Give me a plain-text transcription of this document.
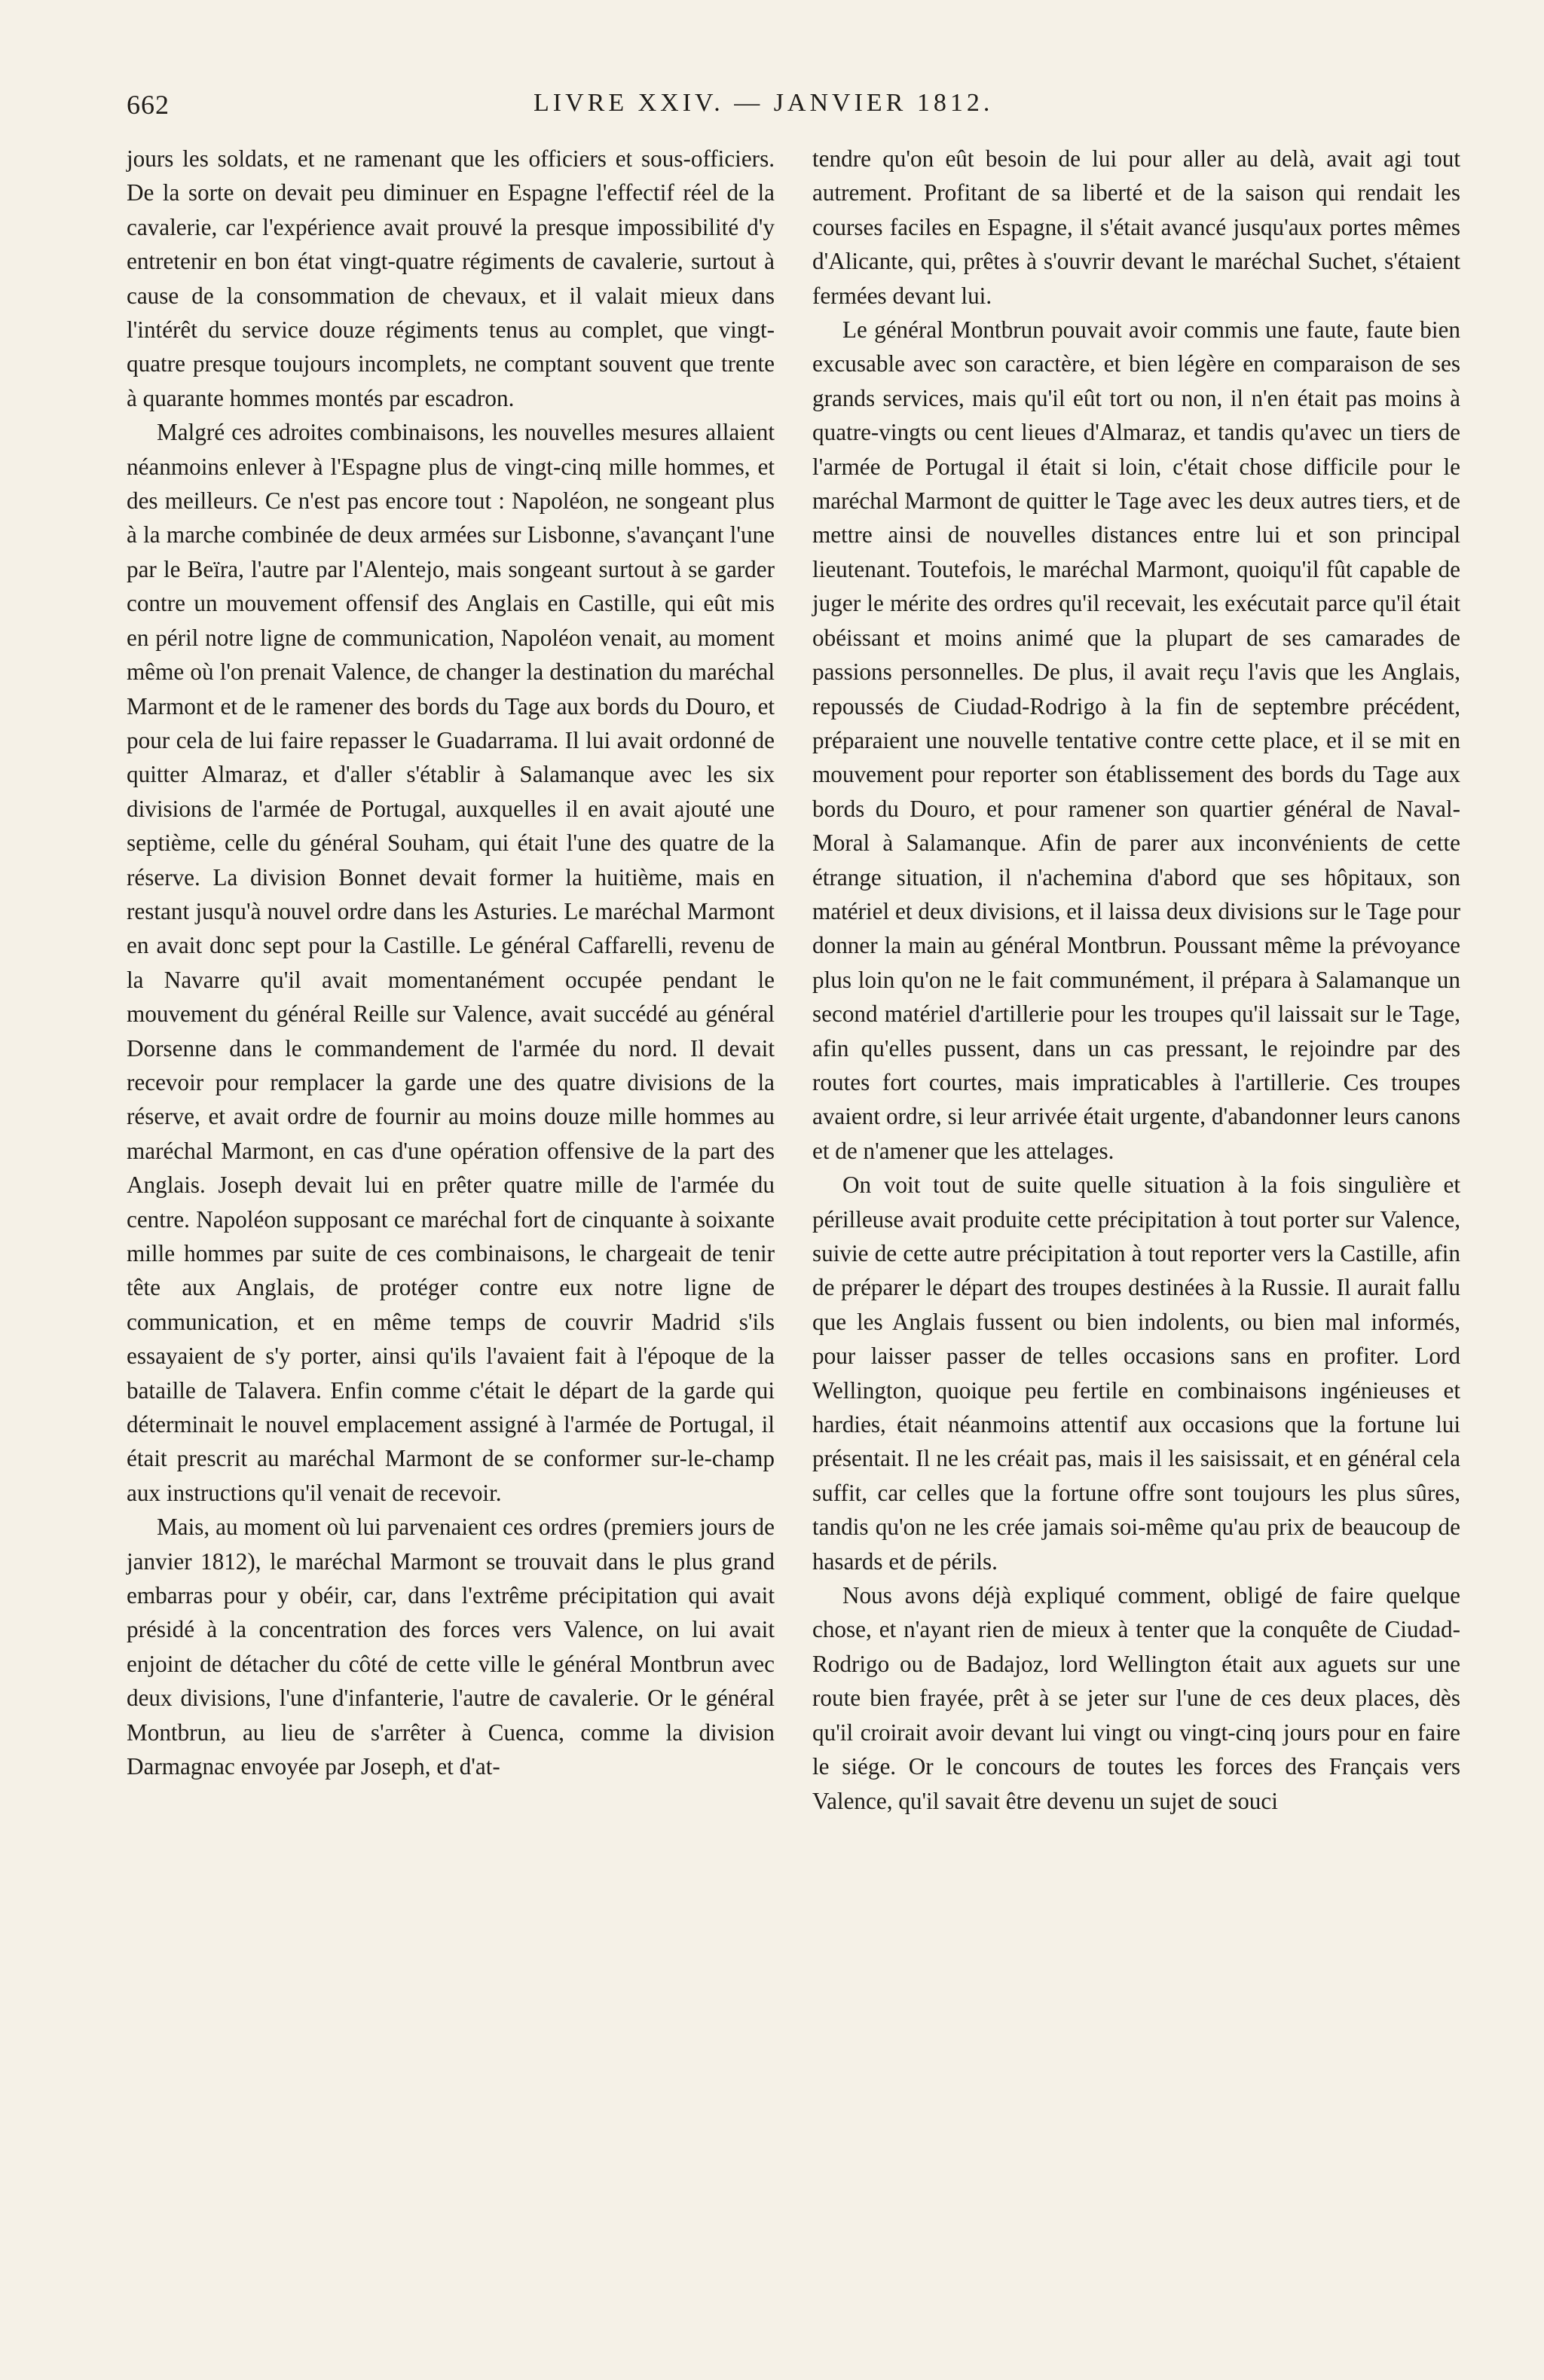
662	LIVRE XXIV. — JANVIER 1812.

jours les soldats, et ne ramenant que les officiers et sous-officiers. De la sorte on devait peu diminuer en Espagne l'effectif réel de la cavalerie, car l'expérience avait prouvé la presque impossibilité d'y entretenir en bon état vingt-quatre régiments de cavalerie, surtout à cause de la consommation de chevaux, et il valait mieux dans l'intérêt du service douze régiments tenus au complet, que vingt-quatre presque toujours incomplets, ne comptant souvent que trente à quarante hommes montés par escadron.

Malgré ces adroites combinaisons, les nouvelles mesures allaient néanmoins enlever à l'Espagne plus de vingt-cinq mille hommes, et des meilleurs. Ce n'est pas encore tout : Napoléon, ne songeant plus à la marche combinée de deux armées sur Lisbonne, s'avançant l'une par le Beïra, l'autre par l'Alentejo, mais songeant surtout à se garder contre un mouvement offensif des Anglais en Castille, qui eût mis en péril notre ligne de communication, Napoléon venait, au moment même où l'on prenait Valence, de changer la destination du maréchal Marmont et de le ramener des bords du Tage aux bords du Douro, et pour cela de lui faire repasser le Guadarrama. Il lui avait ordonné de quitter Almaraz, et d'aller s'établir à Salamanque avec les six divisions de l'armée de Portugal, auxquelles il en avait ajouté une septième, celle du général Souham, qui était l'une des quatre de la réserve. La division Bonnet devait former la huitième, mais en restant jusqu'à nouvel ordre dans les Asturies. Le maréchal Marmont en avait donc sept pour la Castille. Le général Caffarelli, revenu de la Navarre qu'il avait momentanément occupée pendant le mouvement du général Reille sur Valence, avait succédé au général Dorsenne dans le commandement de l'armée du nord. Il devait recevoir pour remplacer la garde une des quatre divisions de la réserve, et avait ordre de fournir au moins douze mille hommes au maréchal Marmont, en cas d'une opération offensive de la part des Anglais. Joseph devait lui en prêter quatre mille de l'armée du centre. Napoléon supposant ce maréchal fort de cinquante à soixante mille hommes par suite de ces combinaisons, le chargeait de tenir tête aux Anglais, de protéger contre eux notre ligne de communication, et en même temps de couvrir Madrid s'ils essayaient de s'y porter, ainsi qu'ils l'avaient fait à l'époque de la bataille de Talavera. Enfin comme c'était le départ de la garde qui déterminait le nouvel emplacement assigné à l'armée de Portugal, il était prescrit au maréchal Marmont de se conformer sur-le-champ aux instructions qu'il venait de recevoir.

Mais, au moment où lui parvenaient ces ordres (premiers jours de janvier 1812), le maréchal Marmont se trouvait dans le plus grand embarras pour y obéir, car, dans l'extrême précipitation qui avait présidé à la concentration des forces vers Valence, on lui avait enjoint de détacher du côté de cette ville le général Montbrun avec deux divisions, l'une d'infanterie, l'autre de cavalerie. Or le général Montbrun, au lieu de s'arrêter à Cuenca, comme la division Darmagnac envoyée par Joseph, et d'at-

tendre qu'on eût besoin de lui pour aller au delà, avait agi tout autrement. Profitant de sa liberté et de la saison qui rendait les courses faciles en Espagne, il s'était avancé jusqu'aux portes mêmes d'Alicante, qui, prêtes à s'ouvrir devant le maréchal Suchet, s'étaient fermées devant lui.

Le général Montbrun pouvait avoir commis une faute, faute bien excusable avec son caractère, et bien légère en comparaison de ses grands services, mais qu'il eût tort ou non, il n'en était pas moins à quatre-vingts ou cent lieues d'Almaraz, et tandis qu'avec un tiers de l'armée de Portugal il était si loin, c'était chose difficile pour le maréchal Marmont de quitter le Tage avec les deux autres tiers, et de mettre ainsi de nouvelles distances entre lui et son principal lieutenant. Toutefois, le maréchal Marmont, quoiqu'il fût capable de juger le mérite des ordres qu'il recevait, les exécutait parce qu'il était obéissant et moins animé que la plupart de ses camarades de passions personnelles. De plus, il avait reçu l'avis que les Anglais, repoussés de Ciudad-Rodrigo à la fin de septembre précédent, préparaient une nouvelle tentative contre cette place, et il se mit en mouvement pour reporter son établissement des bords du Tage aux bords du Douro, et pour ramener son quartier général de Naval-Moral à Salamanque. Afin de parer aux inconvénients de cette étrange situation, il n'achemina d'abord que ses hôpitaux, son matériel et deux divisions, et il laissa deux divisions sur le Tage pour donner la main au général Montbrun. Poussant même la prévoyance plus loin qu'on ne le fait communément, il prépara à Salamanque un second matériel d'artillerie pour les troupes qu'il laissait sur le Tage, afin qu'elles pussent, dans un cas pressant, le rejoindre par des routes fort courtes, mais impraticables à l'artillerie. Ces troupes avaient ordre, si leur arrivée était urgente, d'abandonner leurs canons et de n'amener que les attelages.

On voit tout de suite quelle situation à la fois singulière et périlleuse avait produite cette précipitation à tout porter sur Valence, suivie de cette autre précipitation à tout reporter vers la Castille, afin de préparer le départ des troupes destinées à la Russie. Il aurait fallu que les Anglais fussent ou bien indolents, ou bien mal informés, pour laisser passer de telles occasions sans en profiter. Lord Wellington, quoique peu fertile en combinaisons ingénieuses et hardies, était néanmoins attentif aux occasions que la fortune lui présentait. Il ne les créait pas, mais il les saisissait, et en général cela suffit, car celles que la fortune offre sont toujours les plus sûres, tandis qu'on ne les crée jamais soi-même qu'au prix de beaucoup de hasards et de périls.

Nous avons déjà expliqué comment, obligé de faire quelque chose, et n'ayant rien de mieux à tenter que la conquête de Ciudad-Rodrigo ou de Badajoz, lord Wellington était aux aguets sur une route bien frayée, prêt à se jeter sur l'une de ces deux places, dès qu'il croirait avoir devant lui vingt ou vingt-cinq jours pour en faire le siége. Or le concours de toutes les forces des Français vers Valence, qu'il savait être devenu un sujet de souci
